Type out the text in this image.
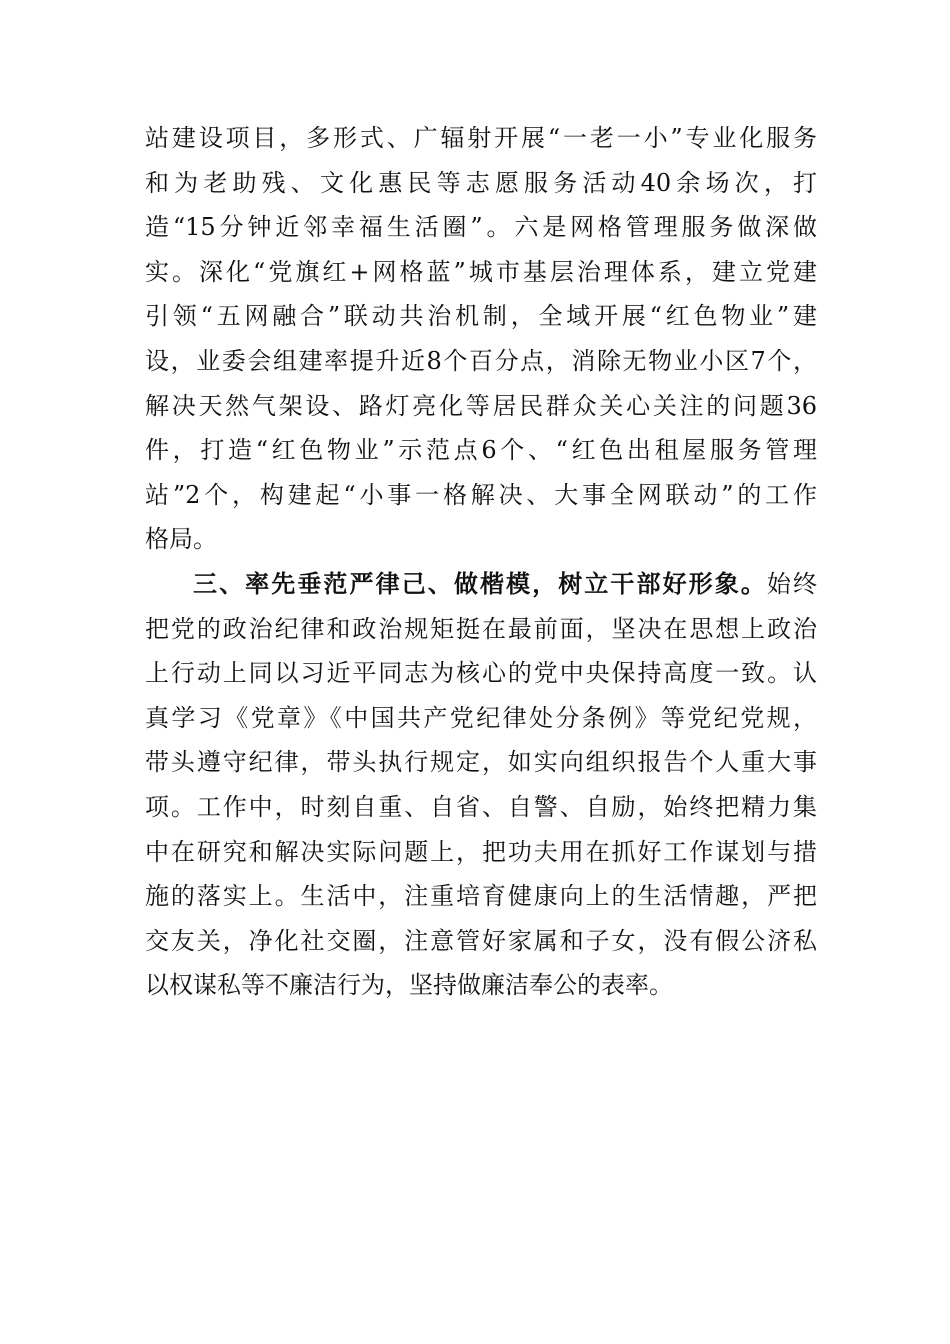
站建设项目，多形式、广辐射开展“一老一小”专业化服务
和为老助残、文化惠民等志愿服务活动40余场次，打
造“15分钟近邻幸福生活圈”。六是网格管理服务做深做
实。深化“党旗红+网格蓝”城市基层治理体系，建立党建
引领“五网融合”联动共治机制，全域开展“红色物业”建
设，业委会组建率提升近8个百分点，消除无物业小区7个，
解决天然气架设、路灯亮化等居民群众关心关注的问题36
件，打造“红色物业”示范点6个、“红色出租屋服务管理
站”2个，构建起“小事一格解决、大事全网联动”的工作
格局。
三、率先垂范严律己、做楷模，树立干部好形象。始终
把党的政治纪律和政治规矩挺在最前面，坚决在思想上政治
上行动上同以习近平同志为核心的党中央保持高度一致。认
真学习《党章》《中国共产党纪律处分条例》等党纪党规，
带头遵守纪律，带头执行规定，如实向组织报告个人重大事
项。工作中，时刻自重、自省、自警、自励，始终把精力集
中在研究和解决实际问题上，把功夫用在抓好工作谋划与措
施的落实上。生活中，注重培育健康向上的生活情趣，严把
交友关，净化社交圈，注意管好家属和子女，没有假公济私
以权谋私等不廉洁行为，坚持做廉洁奉公的表率。
